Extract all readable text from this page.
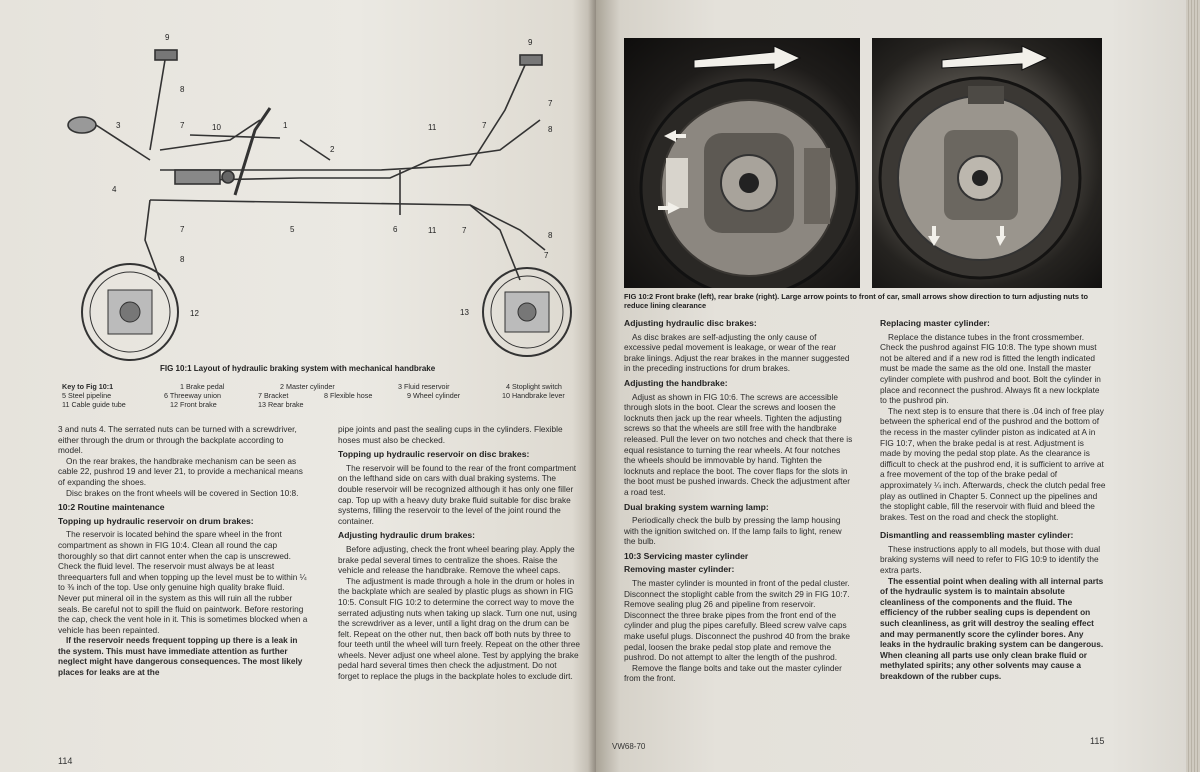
9
8
3	7	10
4
1
2
7
8
5	6
12
11	7	8
9
7
11	7
8
7
13
FIG 10:1 Layout of hydraulic braking system with mechanical handbrake
Key to Fig 10:1	1 Brake pedal	2 Master cylinder	3 Fluid reservoir	4 Stoplight switch
5 Steel pipeline	6 Threeway union	7 Bracket	8 Flexible hose	9 Wheel cylinder	10 Handbrake lever
11 Cable guide tube	12 Front brake	13 Rear brake

3 and nuts 4. The serrated nuts can be turned with a screwdriver, either through the drum or through the backplate according to model.

On the rear brakes, the handbrake mechanism can be seen as cable 22, pushrod 19 and lever 21, to provide a mechanical means of expanding the shoes.

Disc brakes on the front wheels will be covered in Section 10:8.

10:2 Routine maintenance
Topping up hydraulic reservoir on drum brakes:

The reservoir is located behind the spare wheel in the front compartment as shown in FIG 10:4. Clean all round the cap thoroughly so that dirt cannot enter when the cap is unscrewed. Check the fluid level. The reservoir must always be at least threequarters full and when topping up the level must be to within ¼ to ⅜ inch of the top. Use only genuine high quality brake fluid. Never put mineral oil in the system as this will ruin all the rubber seals. Be careful not to spill the fluid on paintwork. Before restoring the cap, check the vent hole in it. This is sometimes blocked when a vehicle has been repainted.

If the reservoir needs frequent topping up there is a leak in the system. This must have immediate attention as further neglect might have dangerous consequences. The most likely places for leaks are at the

pipe joints and past the sealing cups in the cylinders. Flexible hoses must also be checked.

Topping up hydraulic reservoir on disc brakes:

The reservoir will be found to the rear of the front compartment on the lefthand side on cars with dual braking systems. The double reservoir will be recognized although it has only one filler cap. Top up with a heavy duty brake fluid suitable for disc brake systems, filling the reservoir to the level of the joint round the container.

Adjusting hydraulic drum brakes:

Before adjusting, check the front wheel bearing play. Apply the brake pedal several times to centralize the shoes. Raise the vehicle and release the handbrake. Remove the wheel caps.

The adjustment is made through a hole in the drum or holes in the backplate which are sealed by plastic plugs as shown in FIG 10:5. Consult FIG 10:2 to determine the correct way to move the serrated adjusting nuts when taking up slack. Turn one nut, using the screwdriver as a lever, until a light drag on the drum can be felt. Repeat on the other nut, then back off both nuts by three to four teeth until the wheel will turn freely. Repeat on the other three wheels. Never adjust one wheel alone. Test by applying the brake pedal hard several times then check the adjustment. Do not forget to replace the plugs in the backplate holes to exclude dirt.

114
FIG 10:2 Front brake (left), rear brake (right). Large arrow points to front of car, small arrows show direction to turn adjusting nuts to reduce lining clearance
Adjusting hydraulic disc brakes:

As disc brakes are self-adjusting the only cause of excessive pedal movement is leakage, or wear of the rear brake linings. Adjust the rear brakes in the manner suggested in the preceding instructions for drum brakes.

Adjusting the handbrake:

Adjust as shown in FIG 10:6. The screws are accessible through slots in the boot. Clear the screws and loosen the locknuts then jack up the rear wheels. Tighten the adjusting screws so that the wheels are still free with the handbrake released. Pull the lever on two notches and check that there is equal resistance to turning the rear wheels. At four notches the wheels should be immovable by hand. Tighten the locknuts and replace the boot. The cover flaps for the slots in the boot must be pushed inwards. Check the adjustment after a road test.

Dual braking system warning lamp:

Periodically check the bulb by pressing the lamp housing with the ignition switched on. If the lamp fails to light, renew the bulb.

10:3 Servicing master cylinder
Removing master cylinder:

The master cylinder is mounted in front of the pedal cluster. Disconnect the stoplight cable from the switch 29 in FIG 10:7. Remove sealing plug 26 and pipeline from reservoir. Disconnect the three brake pipes from the front end of the cylinder and plug the pipes carefully. Bleed screw valve caps make useful plugs. Disconnect the pushrod 40 from the brake pedal, loosen the brake pedal stop plate and remove the pushrod. Do not attempt to alter the length of the pushrod.

Remove the flange bolts and take out the master cylinder from the front.

Replacing master cylinder:

Replace the distance tubes in the front crossmember. Check the pushrod against FIG 10:8. The type shown must not be altered and if a new rod is fitted the length indicated must be made the same as the old one. Install the master cylinder complete with pushrod and boot. Bolt the cylinder in place and reconnect the pushrod. Always fit a new lockplate to the pushrod pin.

The next step is to ensure that there is .04 inch of free play between the spherical end of the pushrod and the bottom of the recess in the master cylinder piston as indicated at A in FIG 10:7, when the brake pedal is at rest. Adjustment is made by moving the pedal stop plate. As the clearance is difficult to check at the pushrod end, it is sufficient to arrive at a free movement of the top of the brake pedal of approximately ¼ inch. Afterwards, check the clutch pedal free play as outlined in Chapter 5. Connect up the pipelines and the stoplight cable, fill the reservoir with fluid and bleed the brakes. Test on the road and check the stoplight.

Dismantling and reassembling master cylinder:

These instructions apply to all models, but those with dual braking systems will need to refer to FIG 10:9 to identify the extra parts.

The essential point when dealing with all internal parts of the hydraulic system is to maintain absolute cleanliness of the components and the fluid. The efficiency of the rubber sealing cups is dependent on such cleanliness, as grit will destroy the sealing effect and may permanently score the cylinder bores. Any leaks in the hydraulic braking system can be dangerous. When cleaning all parts use only clean brake fluid or methylated spirits; any other solvents may cause a breakdown of the rubber cups.

VW68-70
115
